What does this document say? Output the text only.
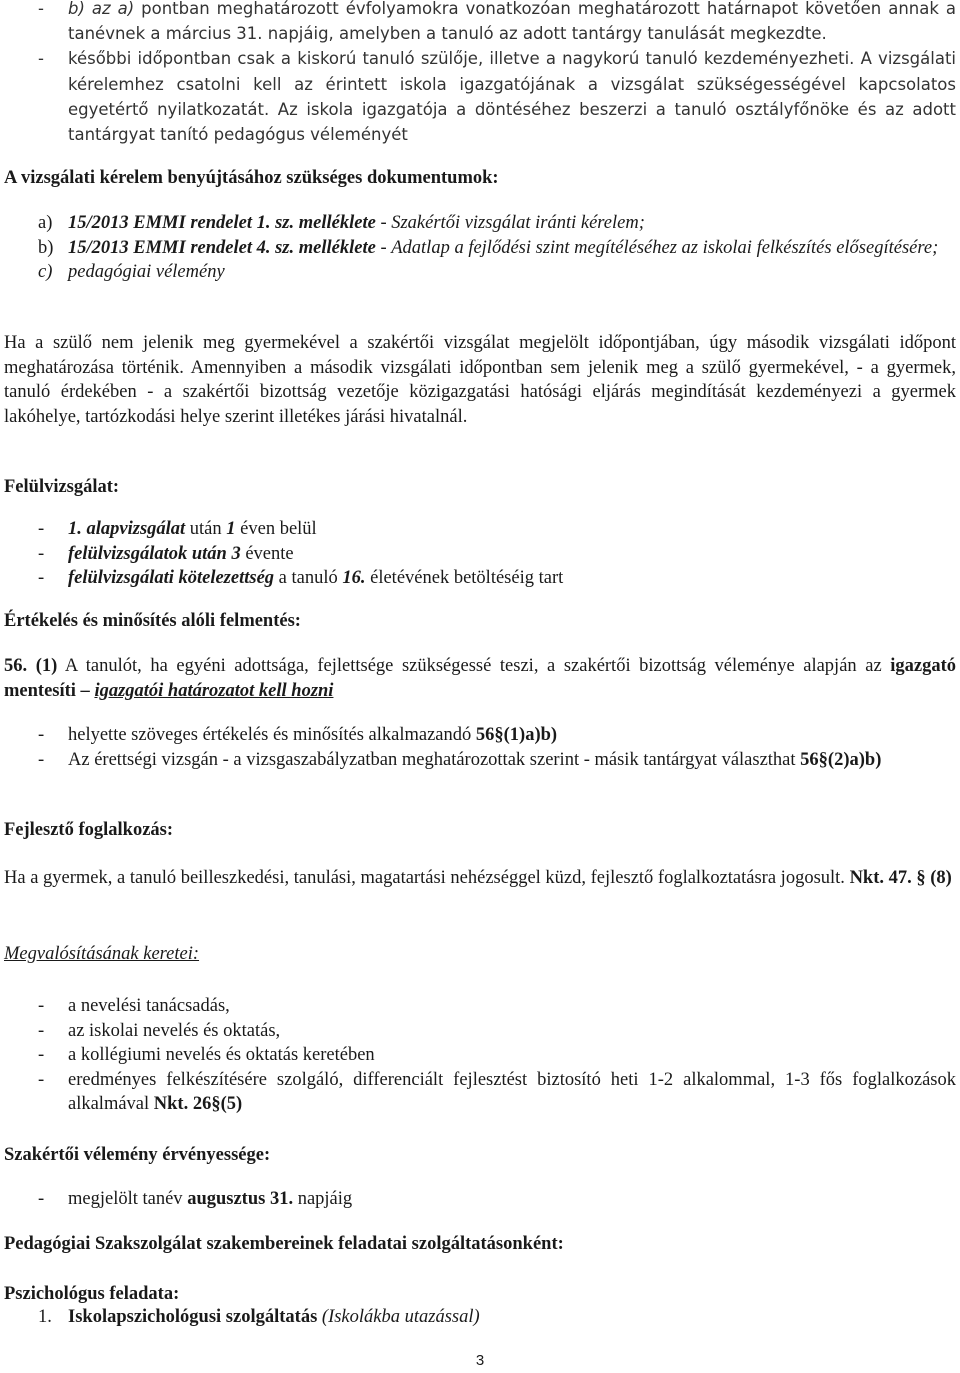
- b) az a) pontban meghatározott évfolyamokra vonatkozóan meghatározott határnapot követően annak a tanévnek a március 31. napjáig, amelyben a tanuló az adott tantárgy tanulását megkezdte.
- későbbi időpontban csak a kiskorú tanuló szülője, illetve a nagykorú tanuló kezdeményezheti. A vizsgálati kérelemhez csatolni kell az érintett iskola igazgatójának a vizsgálat szükségességével kapcsolatos egyetértő nyilatkozatát. Az iskola igazgatója a döntéséhez beszerzi a tanuló osztályfőnöke és az adott tantárgyat tanító pedagógus véleményét
A vizsgálati kérelem benyújtásához szükséges dokumentumok:
a) 15/2013 EMMI rendelet 1. sz. melléklete - Szakértői vizsgálat iránti kérelem;
b) 15/2013 EMMI rendelet 4. sz. melléklete - Adatlap a fejlődési szint megítéléséhez az iskolai felkészítés elősegítésére;
c) pedagógiai vélemény
Ha a szülő nem jelenik meg gyermekével a szakértői vizsgálat megjelölt időpontjában, úgy második vizsgálati időpont meghatározása történik. Amennyiben a második vizsgálati időpontban sem jelenik meg a szülő gyermekével, - a gyermek, tanuló érdekében - a szakértői bizottság vezetője közigazgatási hatósági eljárás megindítását kezdeményezi a gyermek lakóhelye, tartózkodási helye szerint illetékes járási hivatalnál.
Felülvizsgálat:
- 1. alapvizsgálat után 1 éven belül
- felülvizsgálatok után 3 évente
- felülvizsgálati kötelezettség a tanuló 16. életévének betöltéséig tart
Értékelés és minősítés alóli felmentés:
56. (1) A tanulót, ha egyéni adottsága, fejlettsége szükségessé teszi, a szakértői bizottság véleménye alapján az igazgató mentesíti – igazgatói határozatot kell hozni
- helyette szöveges értékelés és minősítés alkalmazandó 56§(1)a)b)
- Az érettségi vizsgán - a vizsgaszabályzatban meghatározottak szerint - másik tantárgyat választhat 56§(2)a)b)
Fejlesztő foglalkozás:
Ha a gyermek, a tanuló beilleszkedési, tanulási, magatartási nehézséggel küzd, fejlesztő foglalkoztatásra jogosult. Nkt. 47. § (8)
Megvalósításának keretei:
- a nevelési tanácsadás,
- az iskolai nevelés és oktatás,
- a kollégiumi nevelés és oktatás keretében
- eredményes felkészítésére szolgáló, differenciált fejlesztést biztosító heti 1-2 alkalommal, 1-3 fős foglalkozások alkalmával Nkt. 26§(5)
Szakértői vélemény érvényessége:
- megjelölt tanév augusztus 31. napjáig
Pedagógiai Szakszolgálat szakembereinek feladatai szolgáltatásonként:
Pszichológus feladata:
1. Iskolapszichológusi szolgáltatás (Iskolákba utazással)
3
